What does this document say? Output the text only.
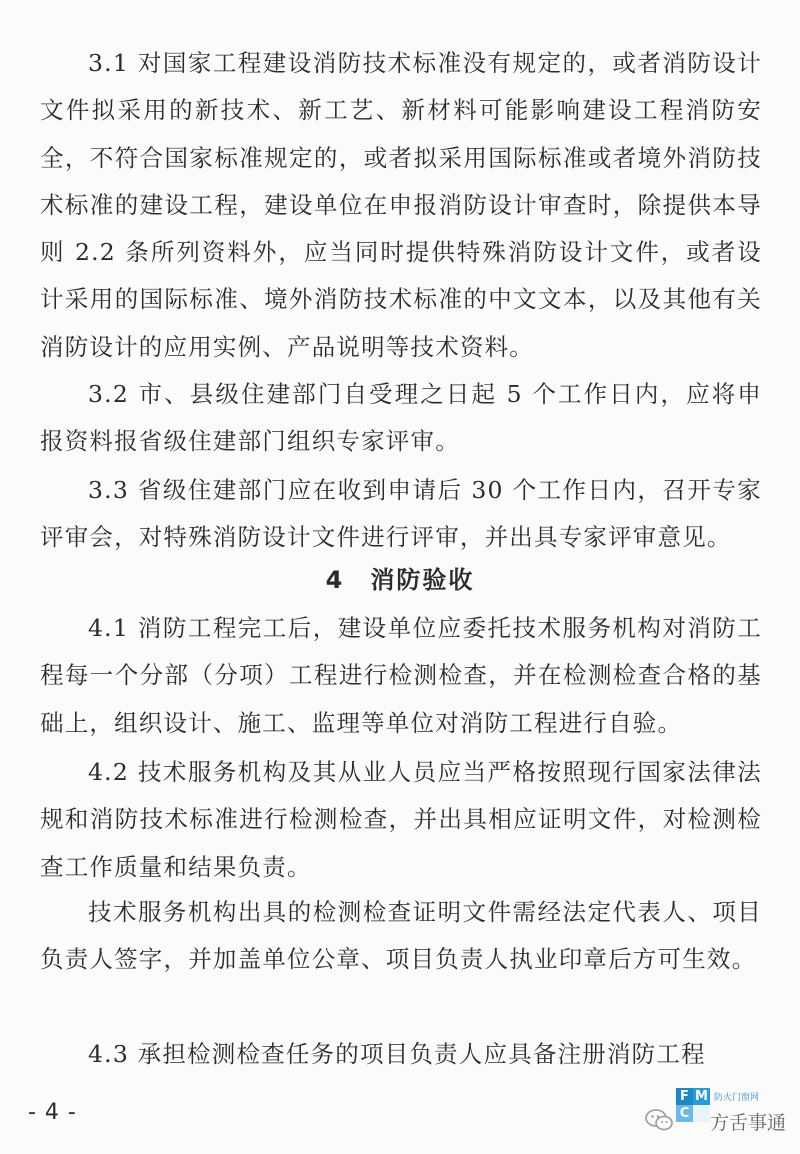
3.1 对国家工程建设消防技术标准没有规定的，或者消防设计文件拟采用的新技术、新工艺、新材料可能影响建设工程消防安全，不符合国家标准规定的，或者拟采用国际标准或者境外消防技术标准的建设工程，建设单位在申报消防设计审查时，除提供本导则 2.2 条所列资料外，应当同时提供特殊消防设计文件，或者设计采用的国际标准、境外消防技术标准的中文文本，以及其他有关消防设计的应用实例、产品说明等技术资料。

3.2 市、县级住建部门自受理之日起 5 个工作日内，应将申报资料报省级住建部门组织专家评审。

3.3 省级住建部门应在收到申请后 30 个工作日内，召开专家评审会，对特殊消防设计文件进行评审，并出具专家评审意见。

4　消防验收

4.1 消防工程完工后，建设单位应委托技术服务机构对消防工程每一个分部（分项）工程进行检测检查，并在检测检查合格的基础上，组织设计、施工、监理等单位对消防工程进行自验。

4.2 技术服务机构及其从业人员应当严格按照现行国家法律法规和消防技术标准进行检测检查，并出具相应证明文件，对检测检查工作质量和结果负责。

技术服务机构出具的检测检查证明文件需经法定代表人、项目负责人签字，并加盖单位公章、项目负责人执业印章后方可生效。

4.3 承担检测检查任务的项目负责人应具备注册消防工程

- 4 -
F M
C
防火门窗网
方舌事通
